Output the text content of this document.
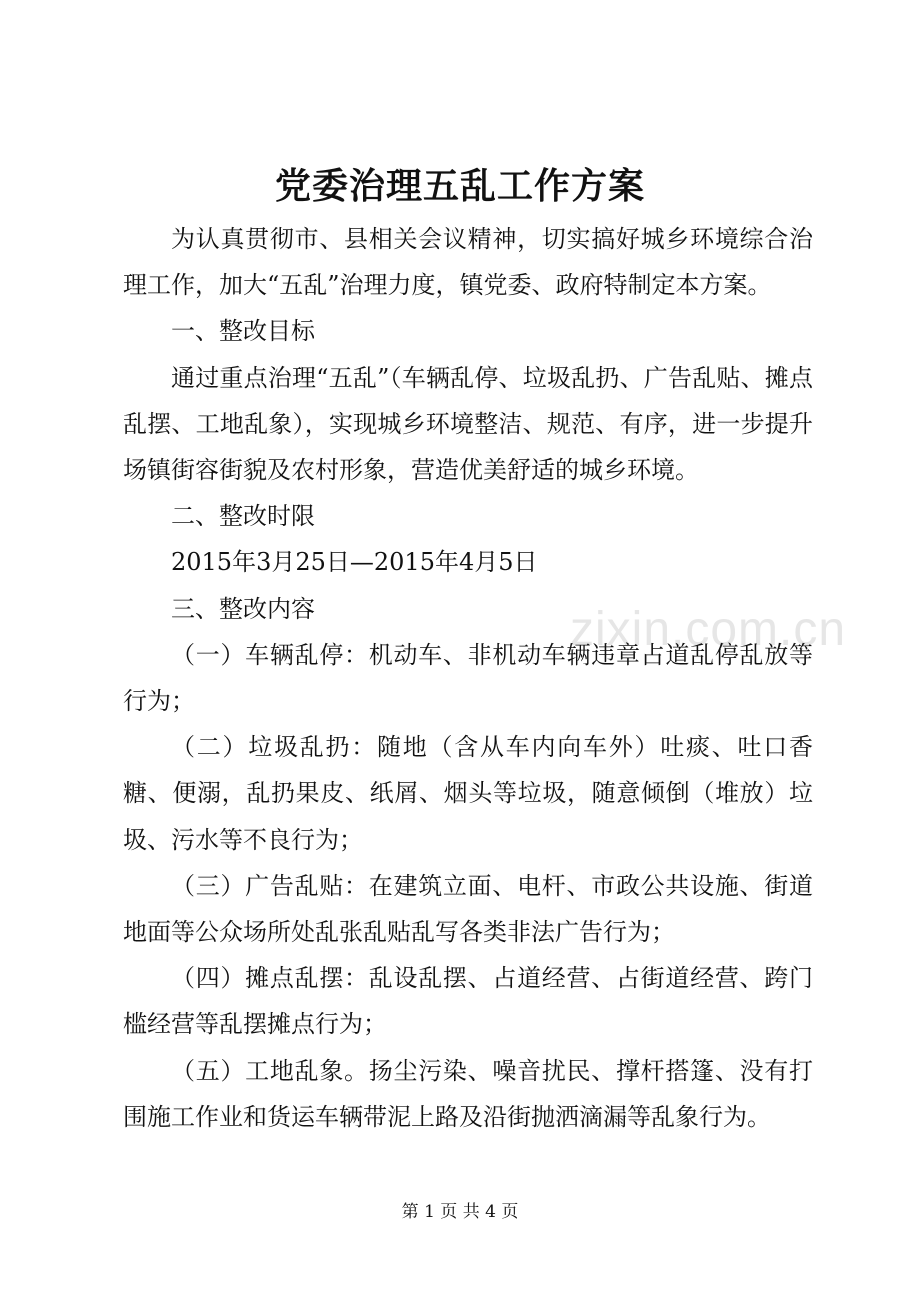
zixin.com.cn
党委治理五乱工作方案

为认真贯彻市、县相关会议精神，切实搞好城乡环境综合治理工作，加大“五乱”治理力度，镇党委、政府特制定本方案。

一、整改目标

通过重点治理“五乱”（车辆乱停、垃圾乱扔、广告乱贴、摊点乱摆、工地乱象），实现城乡环境整洁、规范、有序，进一步提升场镇街容街貌及农村形象，营造优美舒适的城乡环境。

二、整改时限

2015年3月25日—2015年4月5日

三、整改内容

（一）车辆乱停：机动车、非机动车辆违章占道乱停乱放等行为；

（二）垃圾乱扔：随地（含从车内向车外）吐痰、吐口香糖、便溺，乱扔果皮、纸屑、烟头等垃圾，随意倾倒（堆放）垃圾、污水等不良行为；

（三）广告乱贴：在建筑立面、电杆、市政公共设施、街道地面等公众场所处乱张乱贴乱写各类非法广告行为；

（四）摊点乱摆：乱设乱摆、占道经营、占街道经营、跨门槛经营等乱摆摊点行为；

（五）工地乱象。扬尘污染、噪音扰民、撑杆搭篷、没有打围施工作业和货运车辆带泥上路及沿街抛洒滴漏等乱象行为。

第 1 页 共 4 页
